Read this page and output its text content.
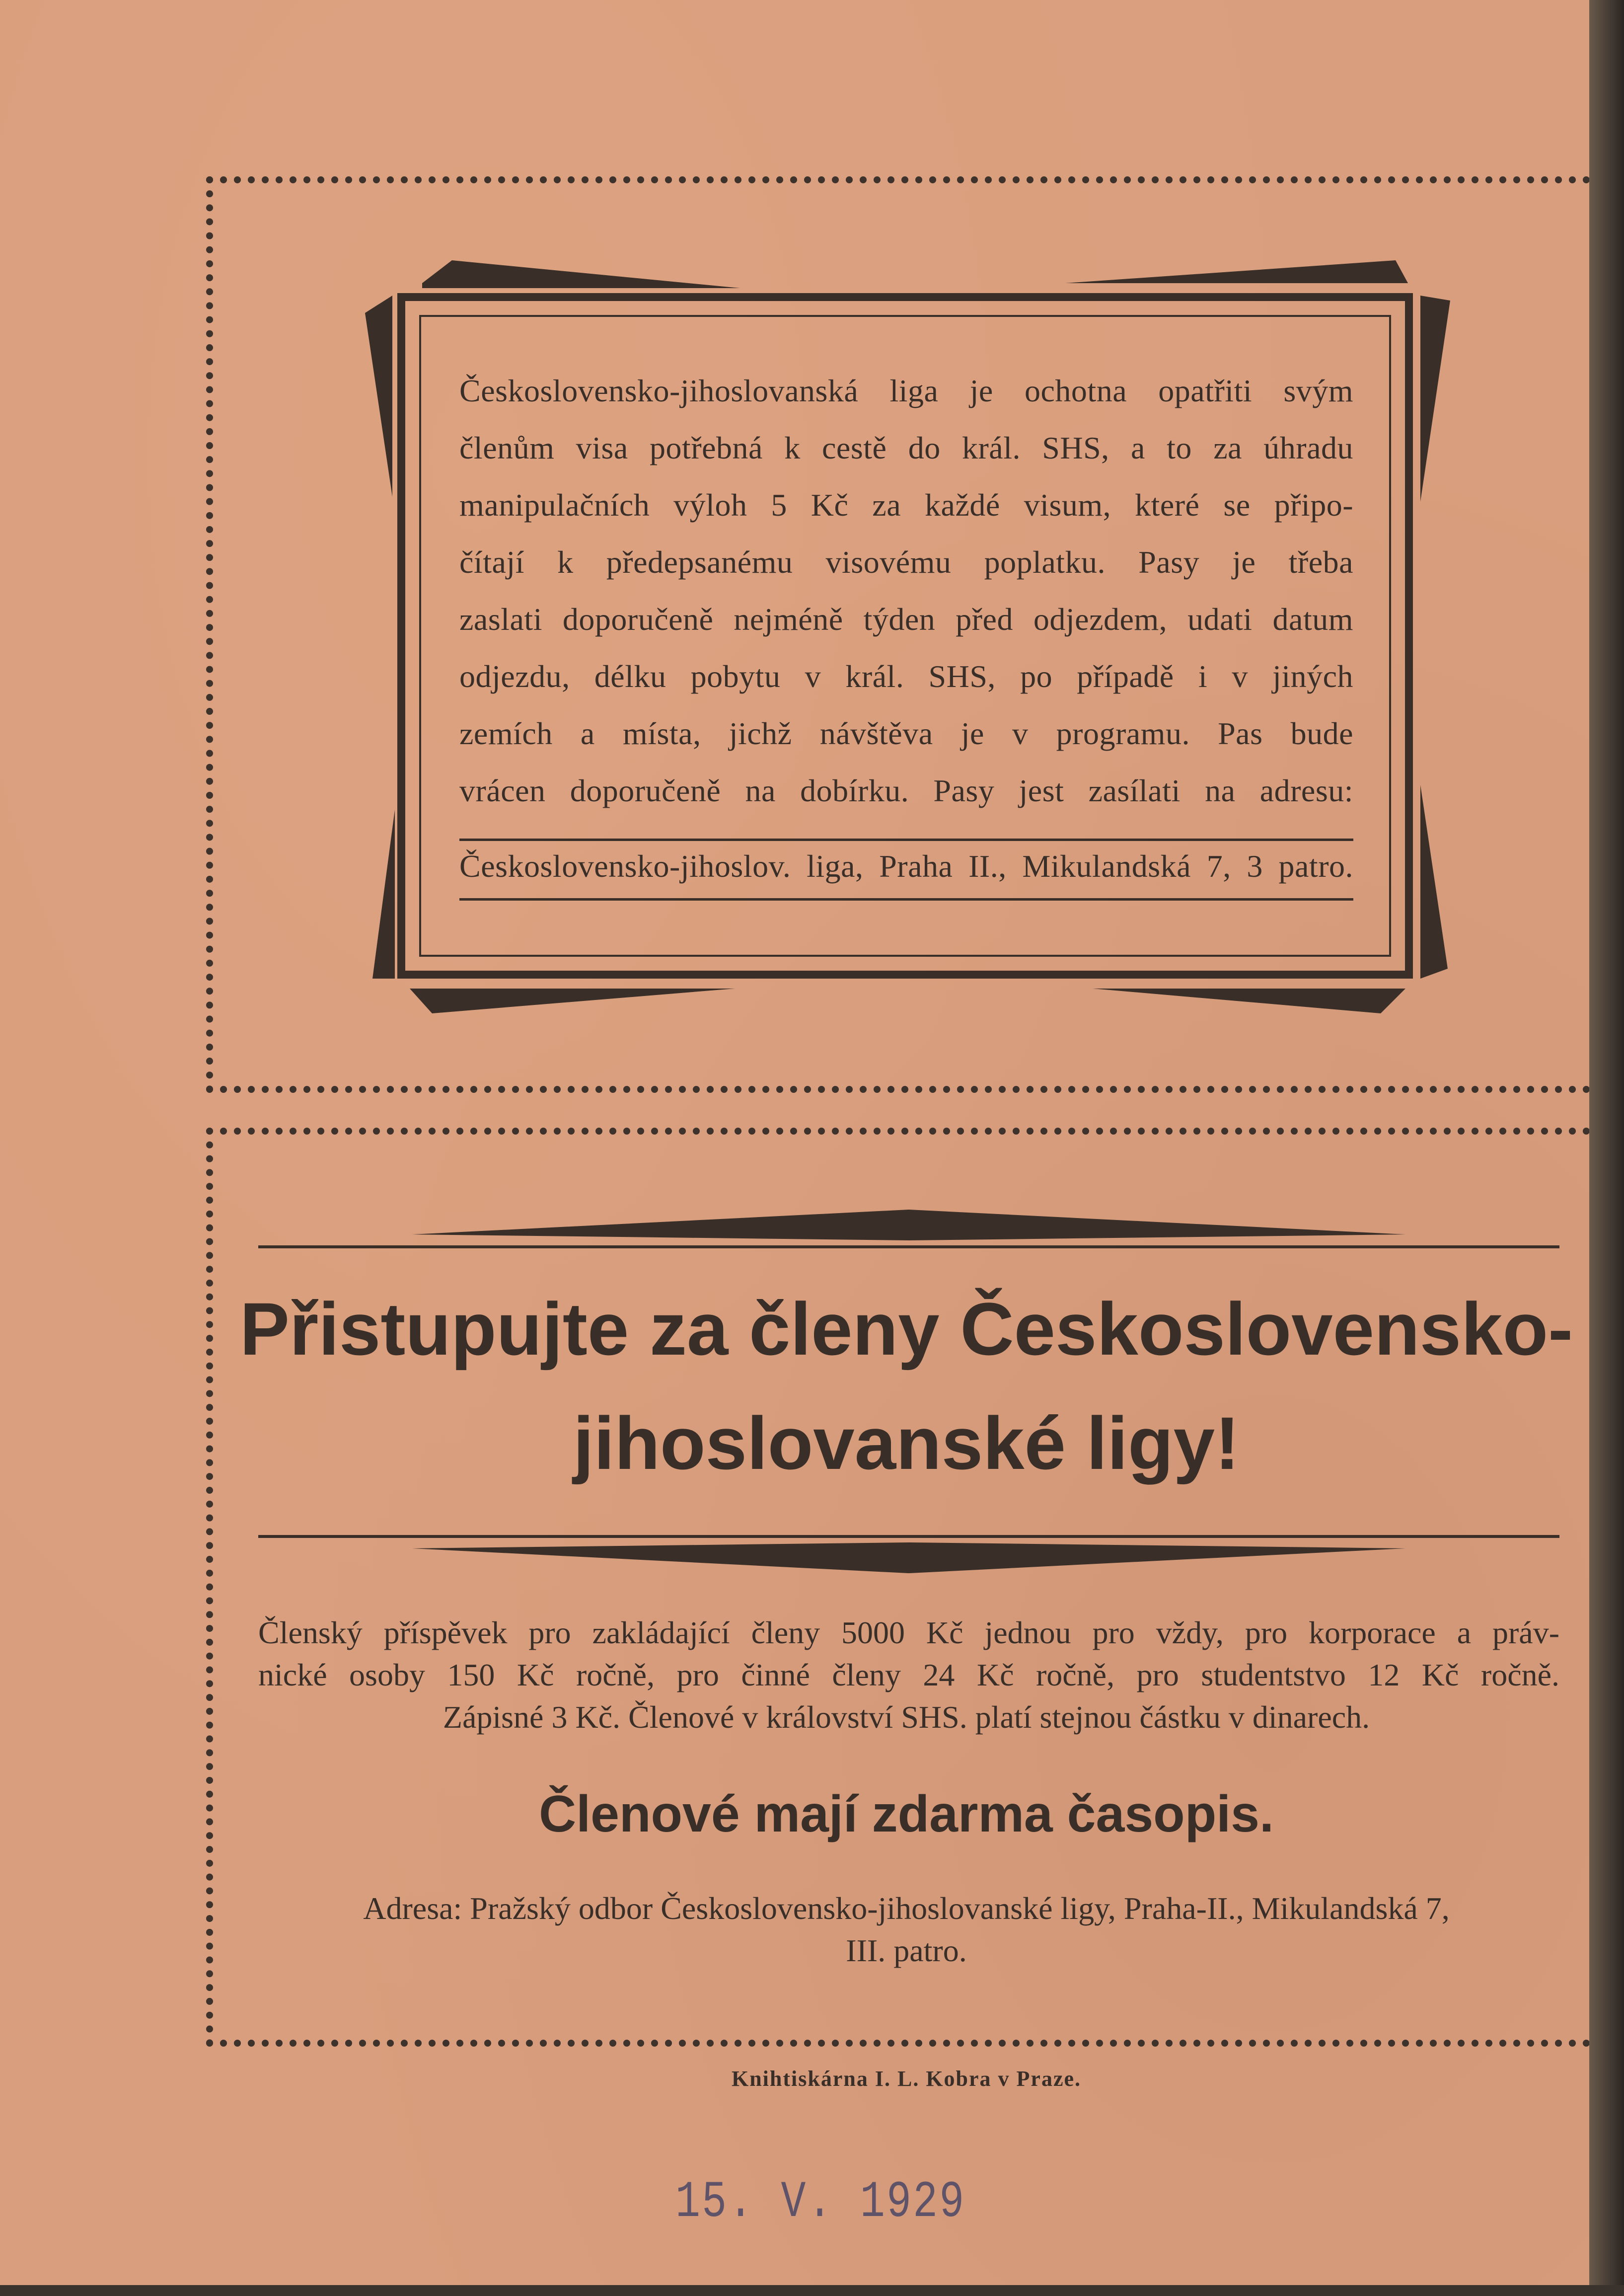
Československo-jihoslovanská liga je ochotna opatřiti svým
členům visa potřebná k cestě do král. SHS, a to za úhradu
manipulačních výloh 5 Kč za každé visum, které se připo-
čítají k předepsanému visovému poplatku. Pasy je třeba
zaslati doporučeně nejméně týden před odjezdem, udati datum
odjezdu, délku pobytu v král. SHS, po případě i v jiných
zemích a místa, jichž návštěva je v programu. Pas bude
vrácen doporučeně na dobírku. Pasy jest zasílati na adresu:
Československo-jihoslov. liga, Praha II., Mikulandská 7, 3 patro.
Přistupujte za členy Československo-
jihoslovanské ligy!
Členský příspěvek pro zakládající členy 5000 Kč jednou pro vždy, pro korporace a práv-
nické osoby 150 Kč ročně, pro činné členy 24 Kč ročně, pro studentstvo 12 Kč ročně.
Zápisné 3 Kč. Členové v království SHS. platí stejnou částku v dinarech.
Členové mají zdarma časopis.
Adresa: Pražský odbor Československo-jihoslovanské ligy, Praha-II., Mikulandská 7,
III. patro.
Knihtiskárna I. L. Kobra v Praze.
15. V. 1929
